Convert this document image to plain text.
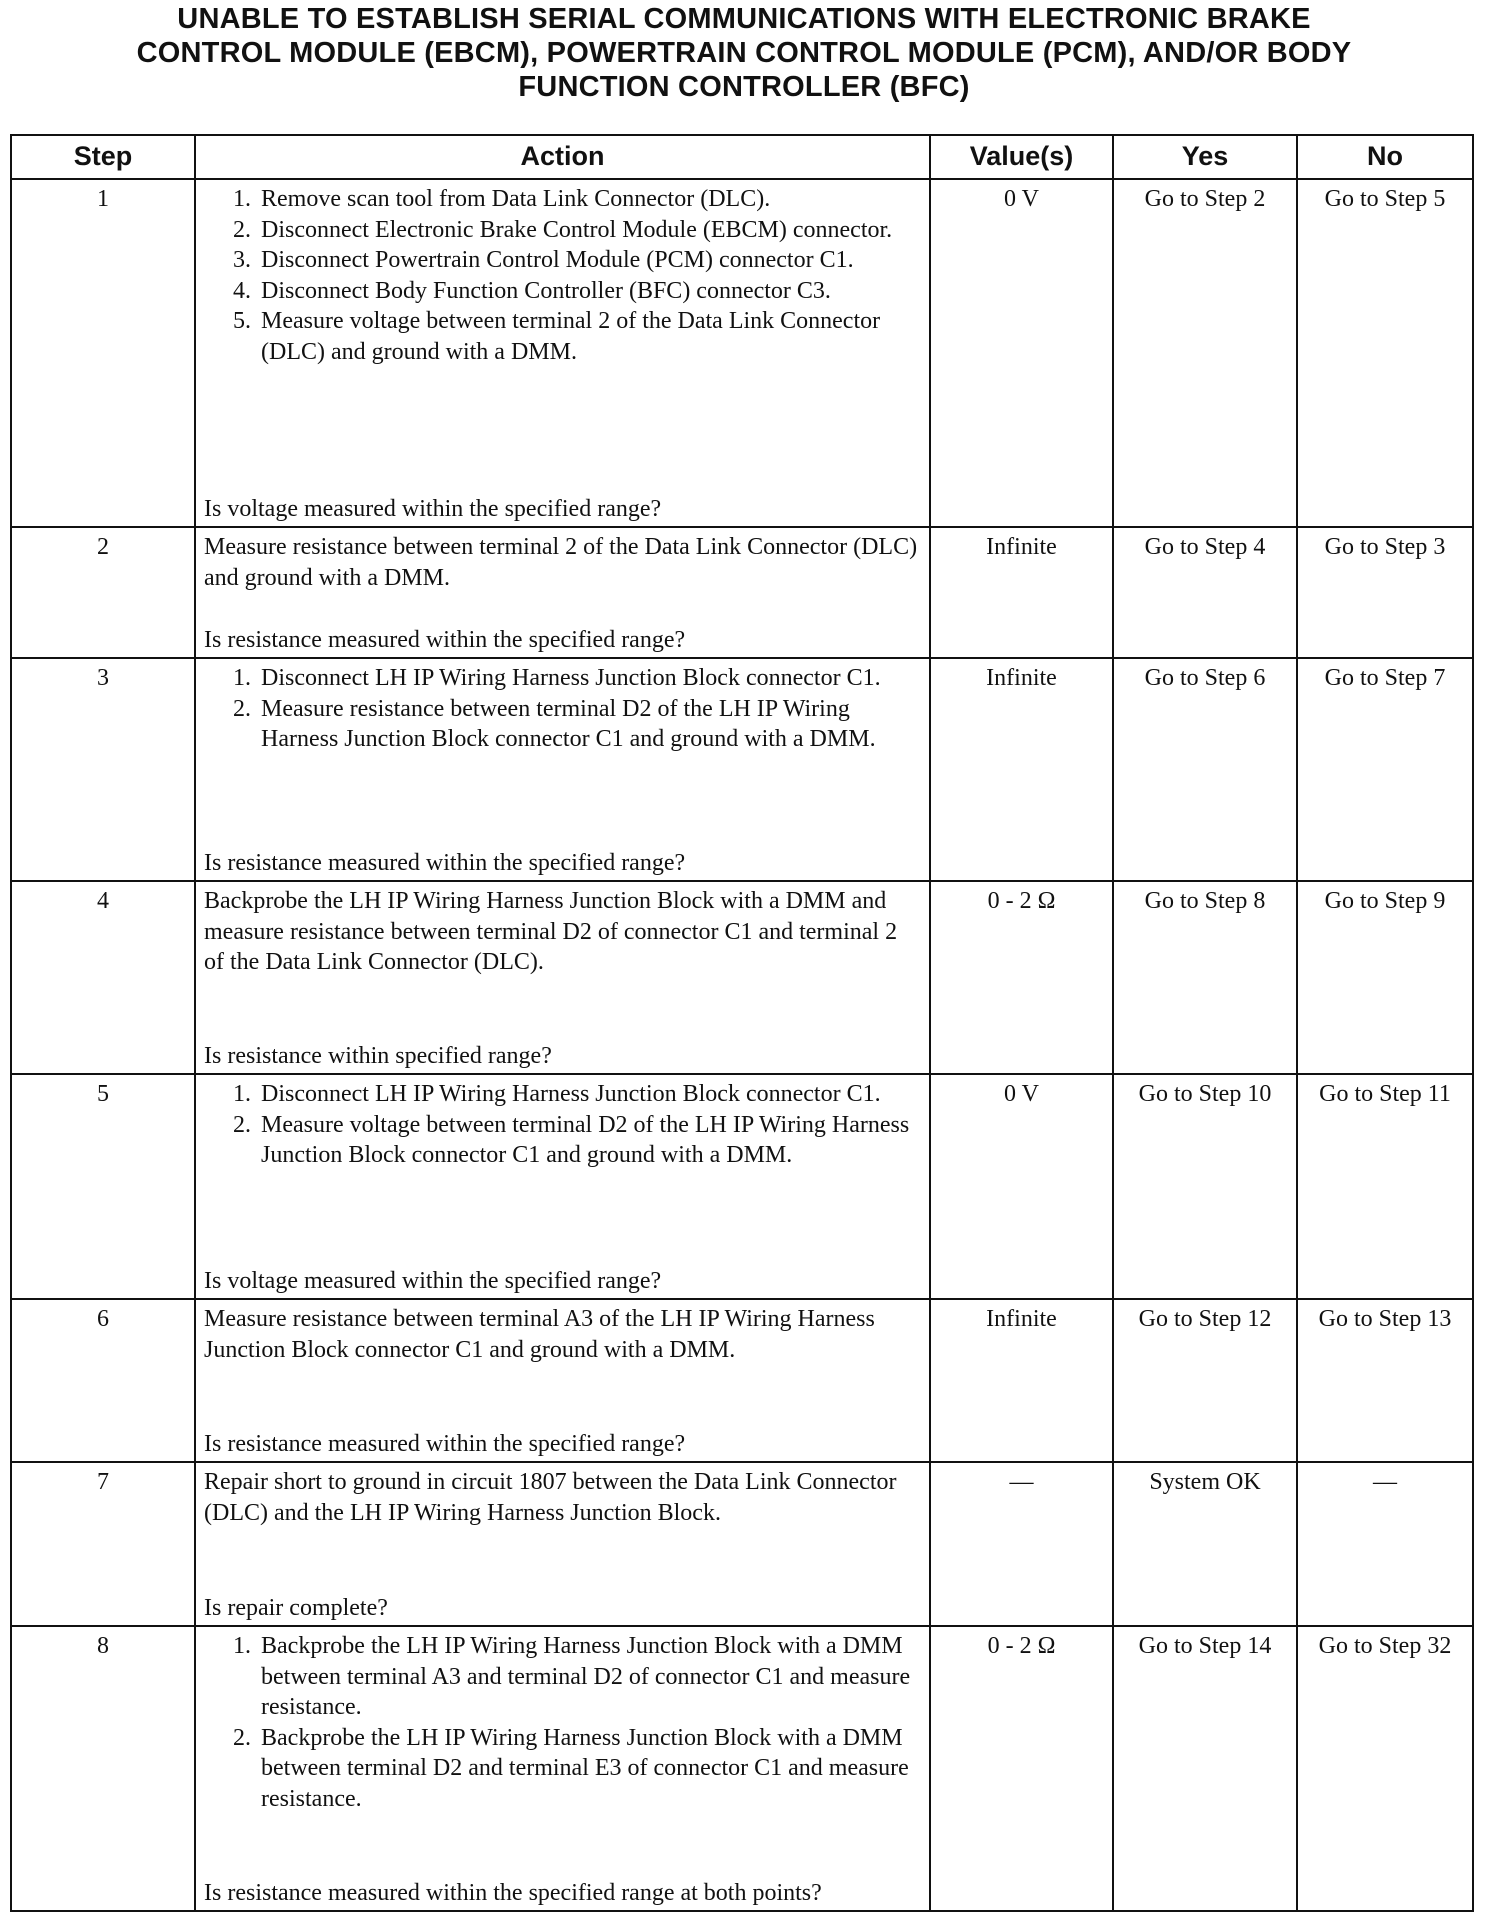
UNABLE TO ESTABLISH SERIAL COMMUNICATIONS WITH ELECTRONIC BRAKE
CONTROL MODULE (EBCM), POWERTRAIN CONTROL MODULE (PCM), AND/OR BODY
FUNCTION CONTROLLER (BFC)
Step	Action	Value(s)	Yes	No
1	1. Remove scan tool from Data Link Connector (DLC).
2. Disconnect Electronic Brake Control Module (EBCM) connector.
3. Disconnect Powertrain Control Module (PCM) connector C1.
4. Disconnect Body Function Controller (BFC) connector C3.
5. Measure voltage between terminal 2 of the Data Link Connector (DLC) and ground with a DMM.
Is voltage measured within the specified range?
0 V	Go to Step 2	Go to Step 5
2	Measure resistance between terminal 2 of the Data Link Connector (DLC) and ground with a DMM.
Is resistance measured within the specified range?
Infinite	Go to Step 4	Go to Step 3
3	1. Disconnect LH IP Wiring Harness Junction Block connector C1.
2. Measure resistance between terminal D2 of the LH IP Wiring Harness Junction Block connector C1 and ground with a DMM.
Is resistance measured within the specified range?
Infinite	Go to Step 6	Go to Step 7
4	Backprobe the LH IP Wiring Harness Junction Block with a DMM and measure resistance between terminal D2 of connector C1 and terminal 2 of the Data Link Connector (DLC).
Is resistance within specified range?
0 - 2 Ω	Go to Step 8	Go to Step 9
5	1. Disconnect LH IP Wiring Harness Junction Block connector C1.
2. Measure voltage between terminal D2 of the LH IP Wiring Harness Junction Block connector C1 and ground with a DMM.
Is voltage measured within the specified range?
0 V	Go to Step 10	Go to Step 11
6	Measure resistance between terminal A3 of the LH IP Wiring Harness Junction Block connector C1 and ground with a DMM.
Is resistance measured within the specified range?
Infinite	Go to Step 12	Go to Step 13
7	Repair short to ground in circuit 1807 between the Data Link Connector (DLC) and the LH IP Wiring Harness Junction Block.
Is repair complete?
—	System OK	—
8	1. Backprobe the LH IP Wiring Harness Junction Block with a DMM between terminal A3 and terminal D2 of connector C1 and measure resistance.
2. Backprobe the LH IP Wiring Harness Junction Block with a DMM between terminal D2 and terminal E3 of connector C1 and measure resistance.
Is resistance measured within the specified range at both points?
0 - 2 Ω	Go to Step 14	Go to Step 32
